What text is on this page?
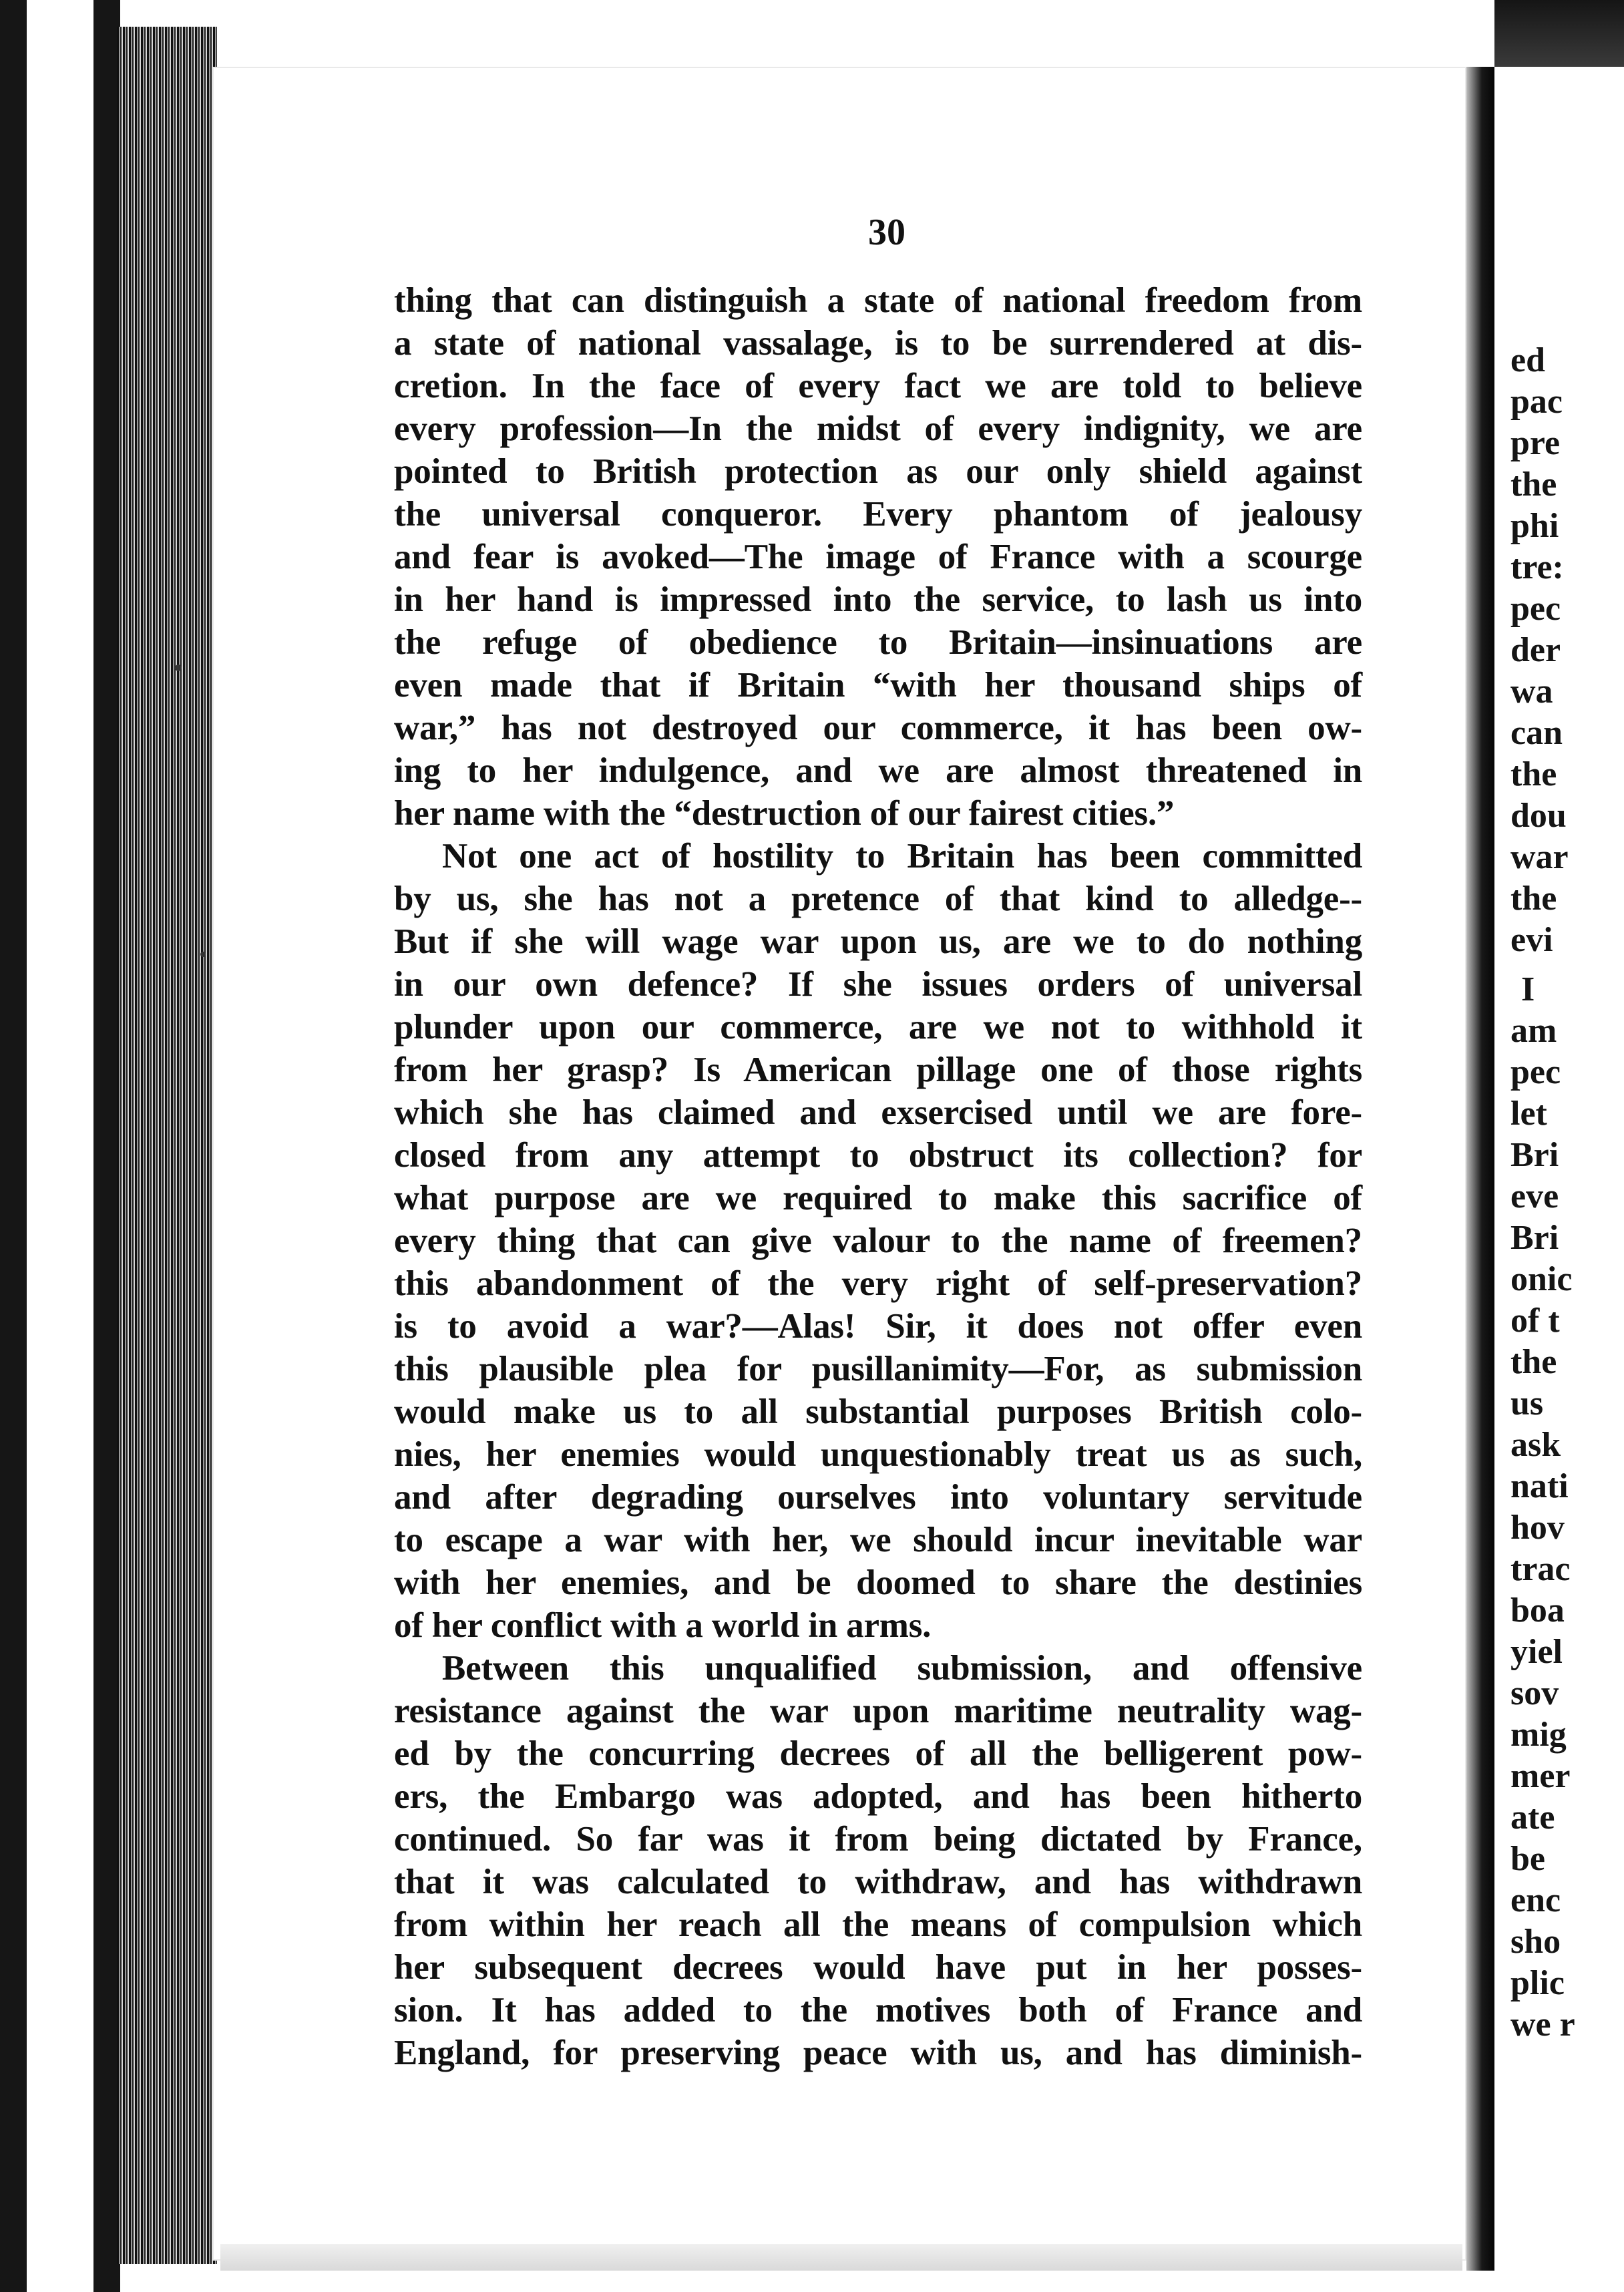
ed
pac
pre
the
phi
tre:
pec
der
wa
can
the
dou
war
the
evi
I
am
pec
let
Bri
eve
Bri
onic
of t
the
us
ask
nati
hov
trac
boa
yiel
sov
mig
mer
ate
be
enc
sho
plic
we r
30
thing that can distinguish a state of national freedom from
a state of national vassalage, is to be surrendered at dis-
cretion. In the face of every fact we are told to believe
every profession—In the midst of every indignity, we are
pointed to British protection as our only shield against
the universal conqueror. Every phantom of jealousy
and fear is avoked—The image of France with a scourge
in her hand is impressed into the service, to lash us into
the refuge of obedience to Britain—insinuations are
even made that if Britain “with her thousand ships of
war,” has not destroyed our commerce, it has been ow-
ing to her indulgence, and we are almost threatened in
her name with the “destruction of our fairest cities.”
Not one act of hostility to Britain has been committed
by us, she has not a pretence of that kind to alledge--
But if she will wage war upon us, are we to do nothing
in our own defence? If she issues orders of universal
plunder upon our commerce, are we not to withhold it
from her grasp? Is American pillage one of those rights
which she has claimed and exsercised until we are fore-
closed from any attempt to obstruct its collection? for
what purpose are we required to make this sacrifice of
every thing that can give valour to the name of freemen?
this abandonment of the very right of self-preservation?
is to avoid a war?—Alas! Sir, it does not offer even
this plausible plea for pusillanimity—For, as submission
would make us to all substantial purposes British colo-
nies, her enemies would unquestionably treat us as such,
and after degrading ourselves into voluntary servitude
to escape a war with her, we should incur inevitable war
with her enemies, and be doomed to share the destinies
of her conflict with a world in arms.
Between this unqualified submission, and offensive
resistance against the war upon maritime neutrality wag-
ed by the concurring decrees of all the belligerent pow-
ers, the Embargo was adopted, and has been hitherto
continued. So far was it from being dictated by France,
that it was calculated to withdraw, and has withdrawn
from within her reach all the means of compulsion which
her subsequent decrees would have put in her posses-
sion. It has added to the motives both of France and
England, for preserving peace with us, and has diminish-
